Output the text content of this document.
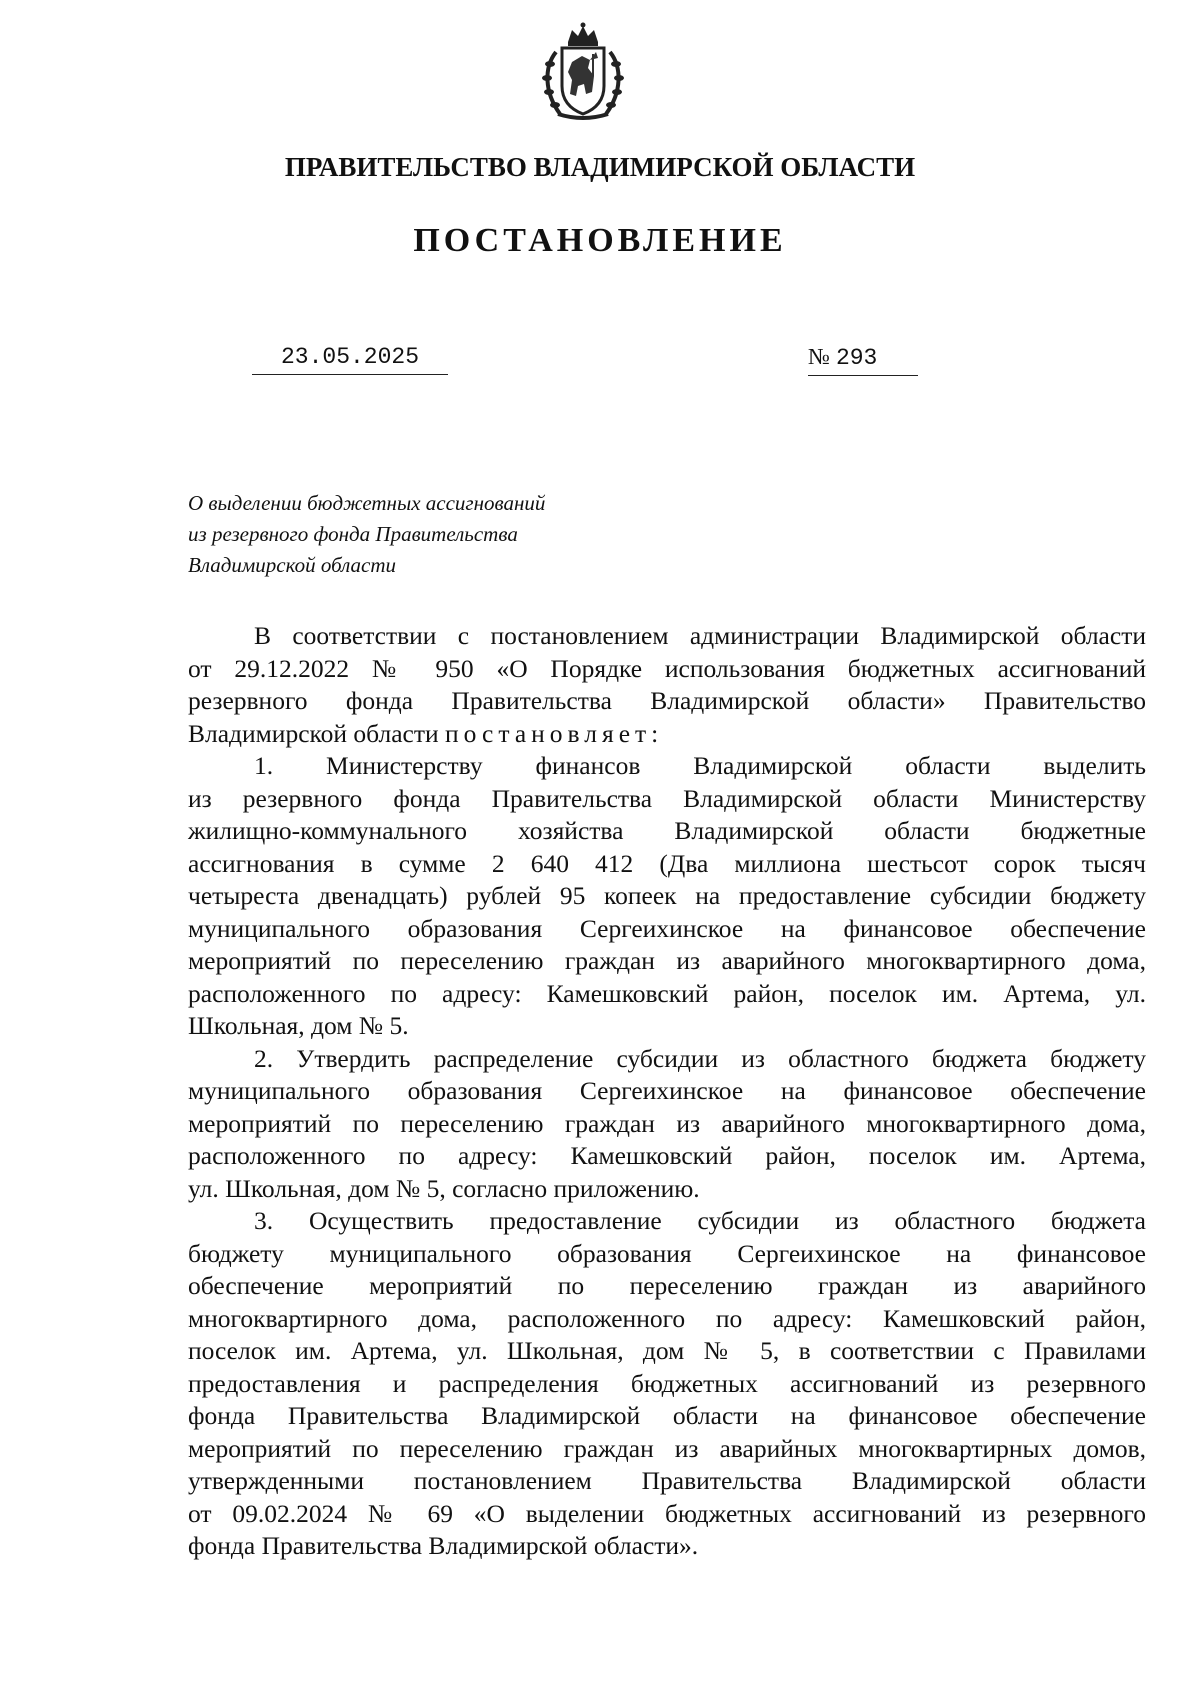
ПРАВИТЕЛЬСТВО ВЛАДИМИРСКОЙ ОБЛАСТИ
ПОСТАНОВЛЕНИЕ
23.05.2025	№ 293
О выделении бюджетных ассигнований
из резервного фонда Правительства
Владимирской области
В соответствии с постановлением администрации Владимирской области
от 29.12.2022 № 950 «О Порядке использования бюджетных ассигнований
резервного фонда Правительства Владимирской области» Правительство
Владимирской области постановляет:
1. Министерству финансов Владимирской области выделить
из резервного фонда Правительства Владимирской области Министерству
жилищно-коммунального хозяйства Владимирской области бюджетные
ассигнования в сумме 2 640 412 (Два миллиона шестьсот сорок тысяч
четыреста двенадцать) рублей 95 копеек на предоставление субсидии бюджету
муниципального образования Сергеихинское на финансовое обеспечение
мероприятий по переселению граждан из аварийного многоквартирного дома,
расположенного по адресу: Камешковский район, поселок им. Артема, ул.
Школьная, дом № 5.
2. Утвердить распределение субсидии из областного бюджета бюджету
муниципального образования Сергеихинское на финансовое обеспечение
мероприятий по переселению граждан из аварийного многоквартирного дома,
расположенного по адресу: Камешковский район, поселок им. Артема,
ул. Школьная, дом № 5, согласно приложению.
3. Осуществить предоставление субсидии из областного бюджета
бюджету муниципального образования Сергеихинское на финансовое
обеспечение мероприятий по переселению граждан из аварийного
многоквартирного дома, расположенного по адресу: Камешковский район,
поселок им. Артема, ул. Школьная, дом № 5, в соответствии с Правилами
предоставления и распределения бюджетных ассигнований из резервного
фонда Правительства Владимирской области на финансовое обеспечение
мероприятий по переселению граждан из аварийных многоквартирных домов,
утвержденными постановлением Правительства Владимирской области
от 09.02.2024 № 69 «О выделении бюджетных ассигнований из резервного
фонда Правительства Владимирской области».
